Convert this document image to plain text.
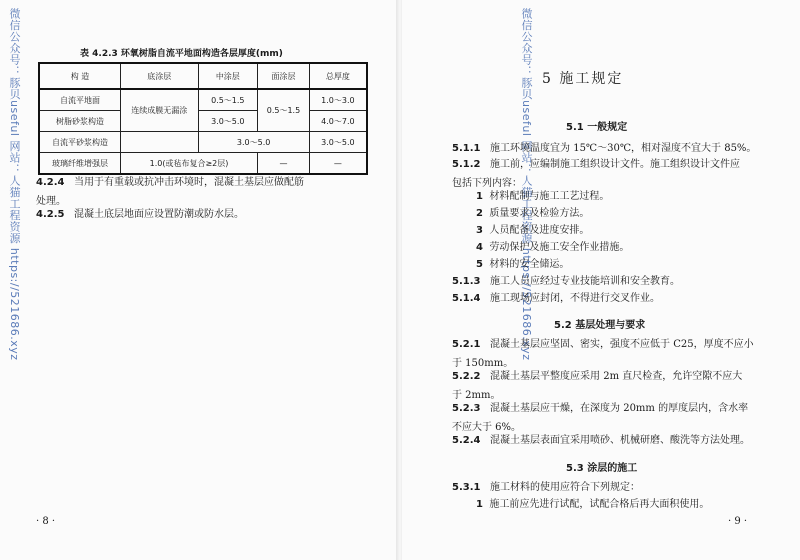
微信公众号：豚贝useful 网站：人猫工程资源 https://521686.xyz	微信公众号：豚贝useful 网站：人猫工程资源 https://521686.xyz
表 4.2.3 环氧树脂自流平地面构造各层厚度(mm)
构 造	底涂层	中涂层	面涂层	总厚度
自流平地面	连续成膜无漏涂	0.5～1.5	0.5～1.5	1.0～3.0
树脂砂浆构造		3.0～5.0		4.0～7.0
自流平砂浆构造		3.0～5.0		3.0～5.0
玻璃纤维增强层	1.0(或毡布复合≥2层)		—	—
4.2.4 当用于有重载或抗冲击环境时，混凝土基层应做配筋
处理。
4.2.5 混凝土底层地面应设置防潮或防水层。
· 8 ·
5 施工规定
5.1 一般规定
5.1.1 施工环境温度宜为 15℃～30℃，相对湿度不宜大于 85%。
5.1.2 施工前，应编制施工组织设计文件。施工组织设计文件应
包括下列内容：
1 材料配制与施工工艺过程。
2 质量要求及检验方法。
3 人员配备及进度安排。
4 劳动保护及施工安全作业措施。
5 材料的安全储运。
5.1.3 施工人员应经过专业技能培训和安全教育。
5.1.4 施工现场应封闭，不得进行交叉作业。
5.2 基层处理与要求
5.2.1 混凝土基层应坚固、密实，强度不应低于 C25，厚度不应小
于 150mm。
5.2.2 混凝土基层平整度应采用 2m 直尺检查，允许空隙不应大
于 2mm。
5.2.3 混凝土基层应干燥，在深度为 20mm 的厚度层内，含水率
不应大于 6%。
5.2.4 混凝土基层表面宜采用喷砂、机械研磨、酸洗等方法处理。
5.3 涂层的施工
5.3.1 施工材料的使用应符合下列规定：
1 施工前应先进行试配，试配合格后再大面积使用。
· 9 ·
